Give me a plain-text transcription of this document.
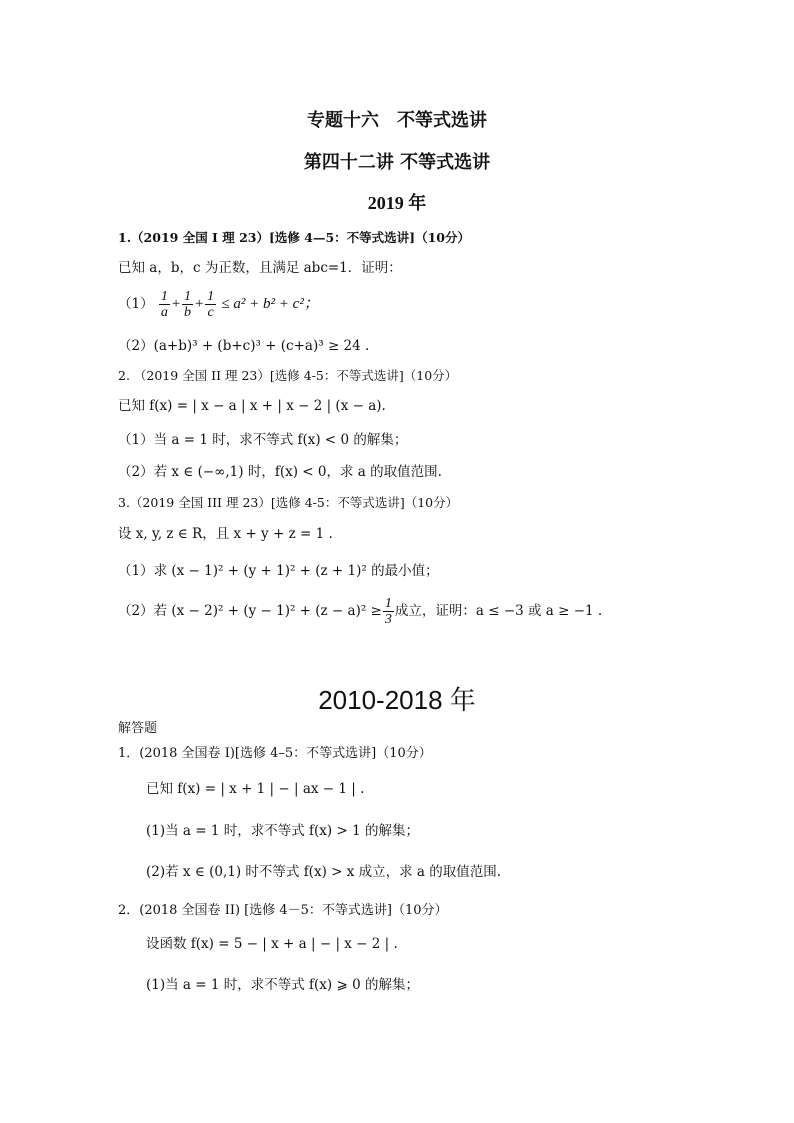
专题十六　不等式选讲
第四十二讲 不等式选讲
2019 年
1.（2019 全国 I 理 23）[选修 4—5：不等式选讲]（10分）
已知 a，b，c 为正数，且满足 abc=1．证明：
$(1) \frac{1}{a} + \frac{1}{b} + \frac{1}{c} \le a^2 + b^2 + c^2$；
（2）(a+b)³ + (b+c)³ + (c+a)³ ≥ 24 .
2. （2019 全国 II 理 23）[选修 4-5：不等式选讲]（10分）
已知 f(x) = | x − a | x + | x − 2 | (x − a).
（1）当 a = 1 时，求不等式 f(x) < 0 的解集；
（2）若 x ∈ (−∞,1) 时，f(x) < 0，求 a 的取值范围.
3.（2019 全国 III 理 23）[选修 4-5：不等式选讲]（10分）
设 x, y, z ∈ R，且 x + y + z = 1 .
（1）求 (x − 1)² + (y + 1)² + (z + 1)² 的最小值；
（2）若 $(x - 2)^2 + (y - 1)^2 + (z - a)^2 \ge \frac{1}{3}$ 成立，证明：a ≤ −3 或 a ≥ −1 .
2010-2018 年
解答题
1．(2018 全国卷 I)[选修 4–5：不等式选讲]（10分）
已知 f(x) = | x + 1 | − | ax − 1 | .
(1)当 a = 1 时，求不等式 f(x) > 1 的解集；
(2)若 x ∈ (0,1) 时不等式 f(x) > x 成立，求 a 的取值范围.
2．(2018 全国卷 II) [选修 4－5：不等式选讲]（10分）
设函数 f(x) = 5 − | x + a | − | x − 2 | .
(1)当 a = 1 时，求不等式 f(x) ⩾ 0 的解集；
